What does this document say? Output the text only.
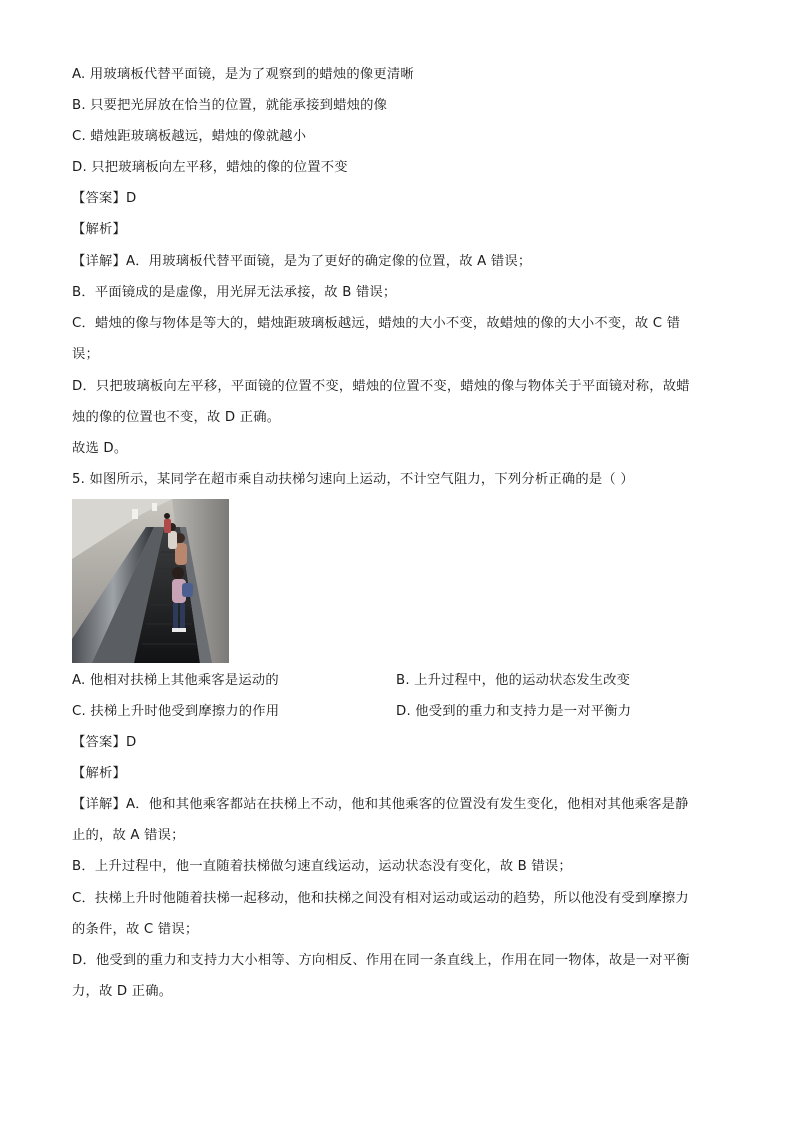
A. 用玻璃板代替平面镜，是为了观察到的蜡烛的像更清晰
B. 只要把光屏放在恰当的位置，就能承接到蜡烛的像
C. 蜡烛距玻璃板越远，蜡烛的像就越小
D. 只把玻璃板向左平移，蜡烛的像的位置不变
【答案】D
【解析】
【详解】A．用玻璃板代替平面镜，是为了更好的确定像的位置，故 A 错误；
B．平面镜成的是虚像，用光屏无法承接，故 B 错误；
C．蜡烛的像与物体是等大的，蜡烛距玻璃板越远，蜡烛的大小不变，故蜡烛的像的大小不变，故 C 错
误；
D．只把玻璃板向左平移，平面镜的位置不变，蜡烛的位置不变，蜡烛的像与物体关于平面镜对称，故蜡
烛的像的位置也不变，故 D 正确。
故选 D。
5. 如图所示，某同学在超市乘自动扶梯匀速向上运动，不计空气阻力，下列分析正确的是（ ）
A. 他相对扶梯上其他乘客是运动的	B. 上升过程中，他的运动状态发生改变
C. 扶梯上升时他受到摩擦力的作用	D. 他受到的重力和支持力是一对平衡力
【答案】D
【解析】
【详解】A．他和其他乘客都站在扶梯上不动，他和其他乘客的位置没有发生变化，他相对其他乘客是静
止的，故 A 错误；
B．上升过程中，他一直随着扶梯做匀速直线运动，运动状态没有变化，故 B 错误；
C．扶梯上升时他随着扶梯一起移动，他和扶梯之间没有相对运动或运动的趋势，所以他没有受到摩擦力
的条件，故 C 错误；
D．他受到的重力和支持力大小相等、方向相反、作用在同一条直线上，作用在同一物体，故是一对平衡
力，故 D 正确。
